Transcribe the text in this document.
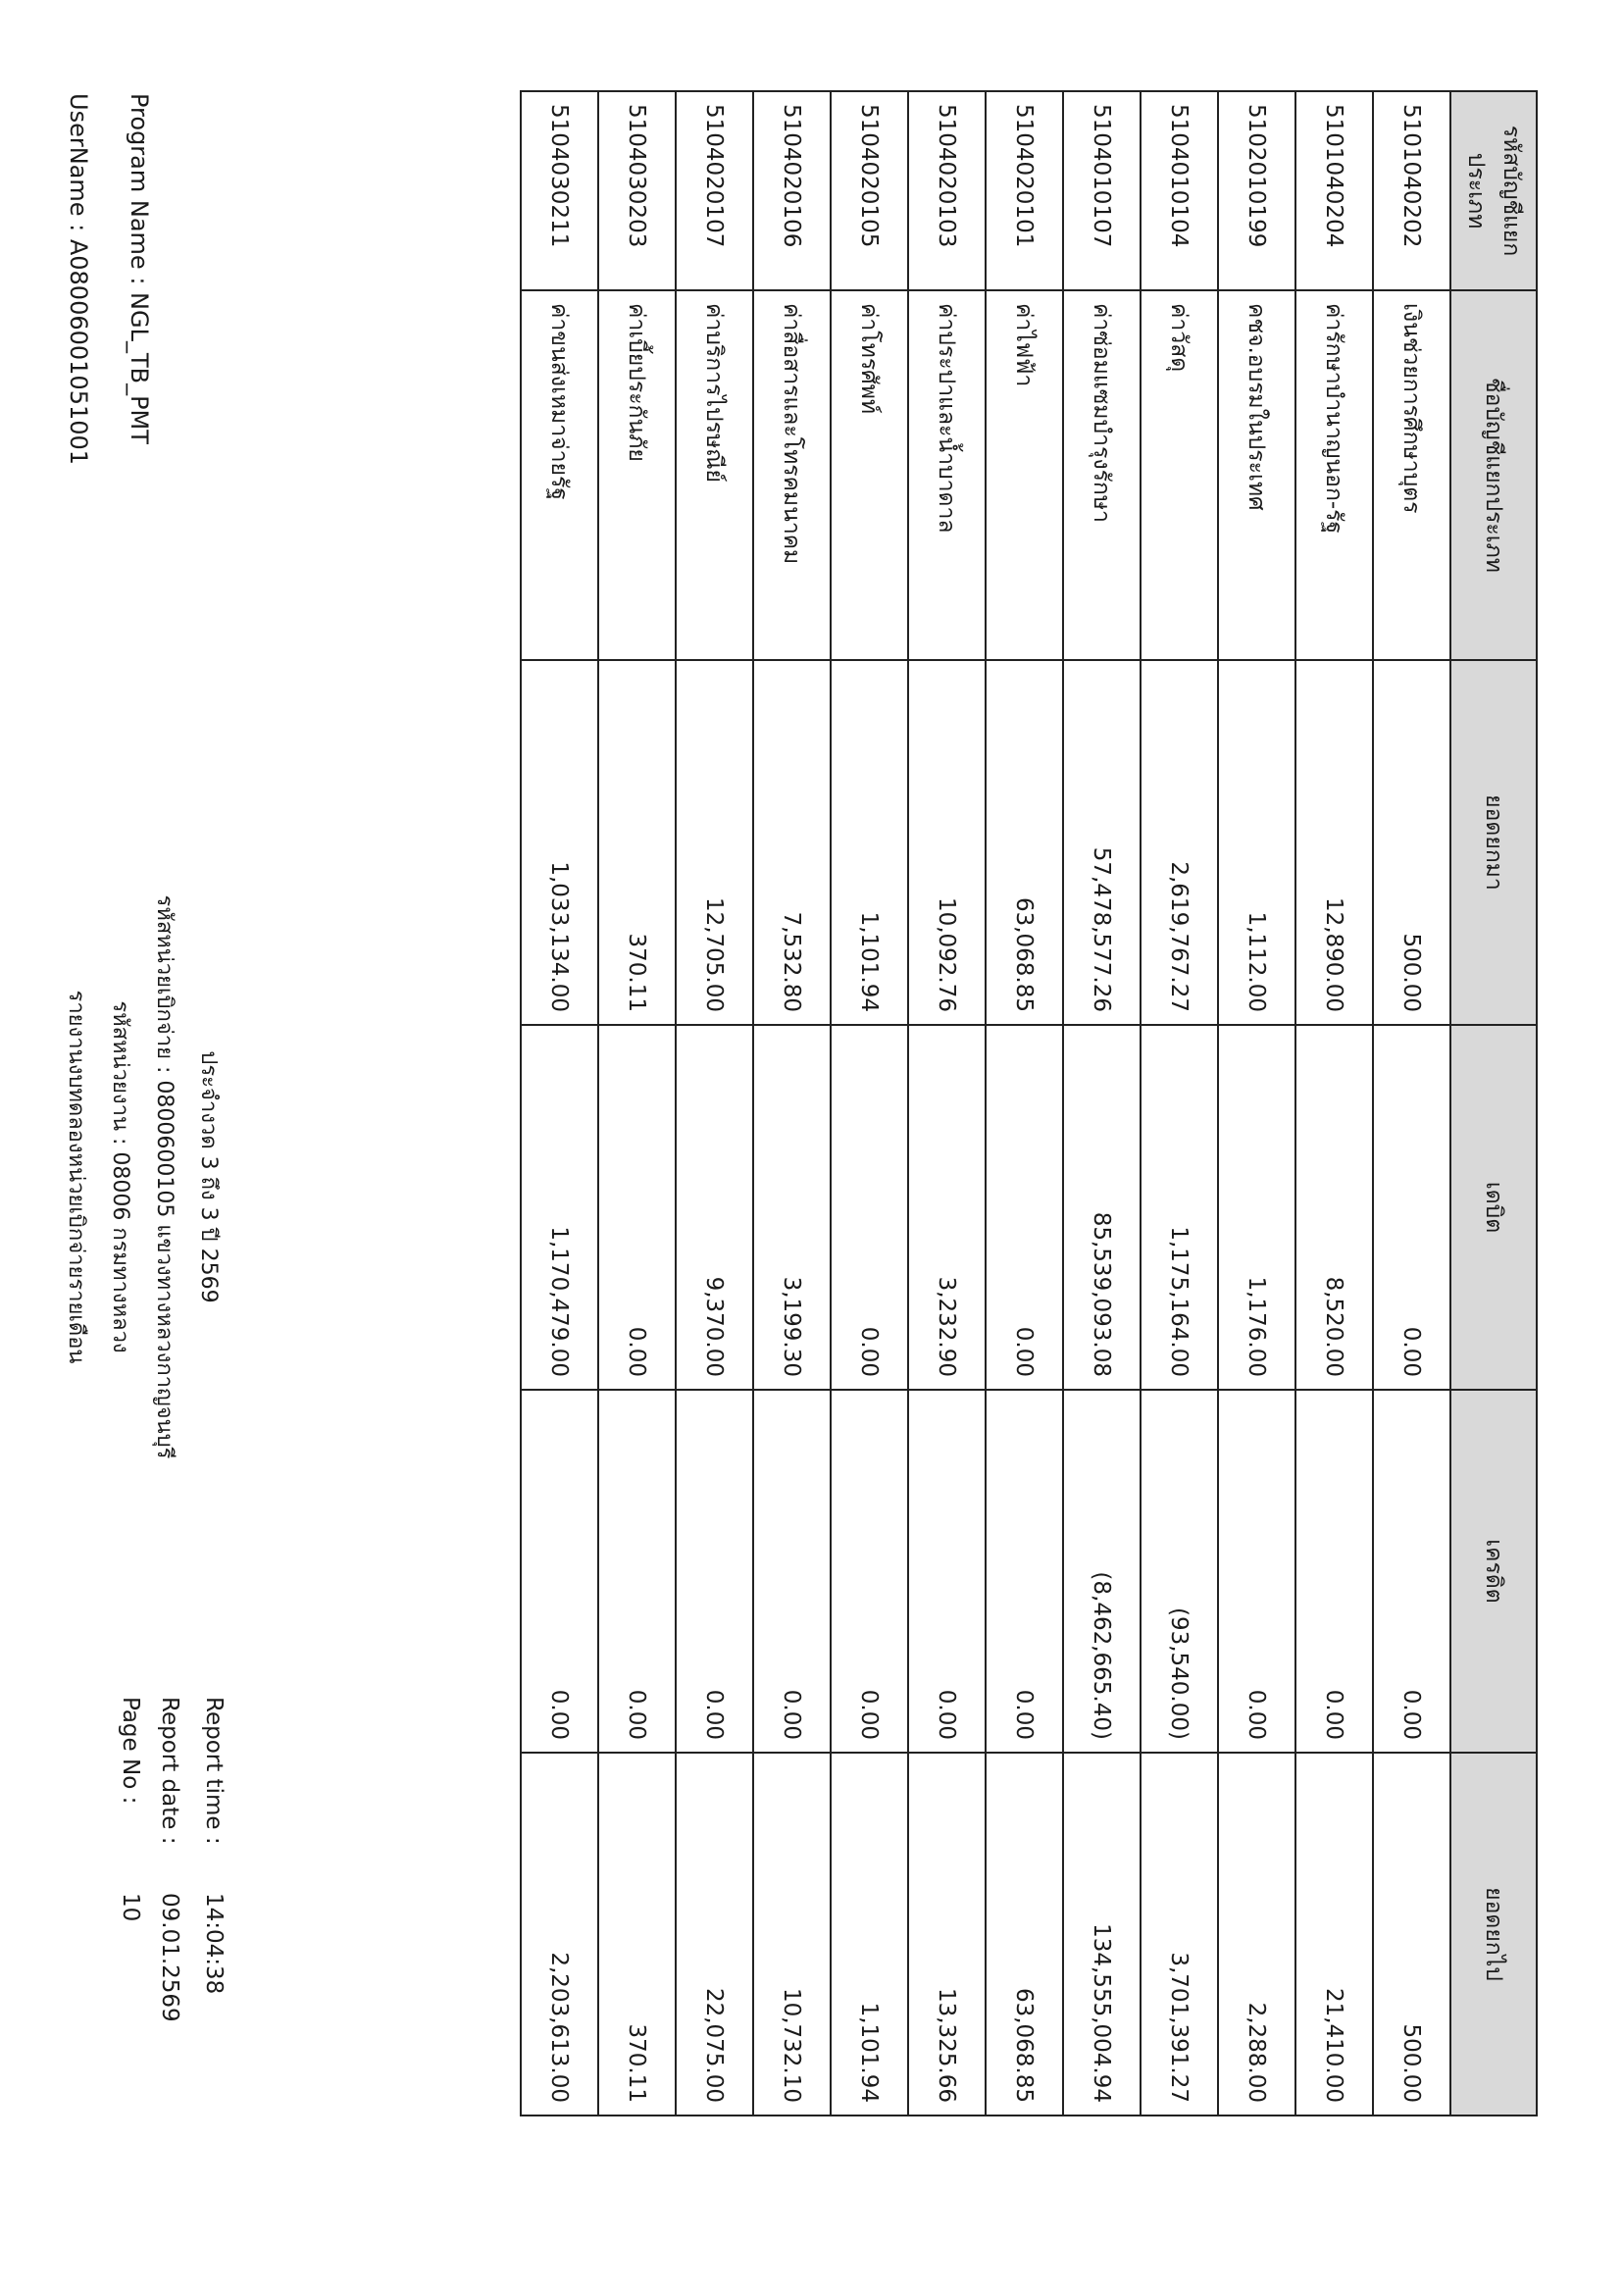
Program Name : NGL_TB_PMT
UserName : A080060010510​01
รายงานงบทดลองหน่วยเบิกจ่ายรายเดือน รหัสหน่วยงาน : 08006 กรมทางหลวง รหัสหน่วยเบิกจ่าย : 0800600105 แขวงทางหลวงกาญจนบุรี ประจำงวด 3 ถึง 3 ปี 2569
Page No :
10
Report date :
09.01.2569
Report time :
14:04:38
รหัสบัญชีแยกประเภท	ชื่อบัญชีแยกประเภท	ยอดยกมา	เดบิต	เครดิต	ยอดยกไป
5101040202	เงินช่วยการศึกษาบุตร	500.00	0.00	0.00	500.00
5101040204	ค่ารักษาบำนาญนอก-รัฐ	12,890.00	8,520.00	0.00	21,410.00
5102010199	คชจ.อบรมในประเทศ	1,112.00	1,176.00	0.00	2,288.00
5104010104	ค่าวัสดุ	2,619,767.27	1,175,164.00	(93,540.00)	3,701,391.27
5104010107	ค่าซ่อมแซมบำรุงรักษา	57,478,577.26	85,539,093.08	(8,462,665.40)	134,555,004.94
5104020101	ค่าไฟฟ้า	63,068.85	0.00	0.00	63,068.85
5104020103	ค่าประปาและน้ำบาดาล	10,092.76	3,232.90	0.00	13,325.66
5104020105	ค่าโทรศัพท์	1,101.94	0.00	0.00	1,101.94
5104020106	ค่าสื่อสารและโทรคมนาคม	7,532.80	3,199.30	0.00	10,732.10
5104020107	ค่าบริการไปรษณีย์	12,705.00	9,370.00	0.00	22,075.00
5104030203	ค่าเบี้ยประกันภัย	370.11	0.00	0.00	370.11
5104030211	ค่าขนส่งเหมาจ่ายรัฐ	1,033,134.00	1,170,479.00	0.00	2,203,613.00
